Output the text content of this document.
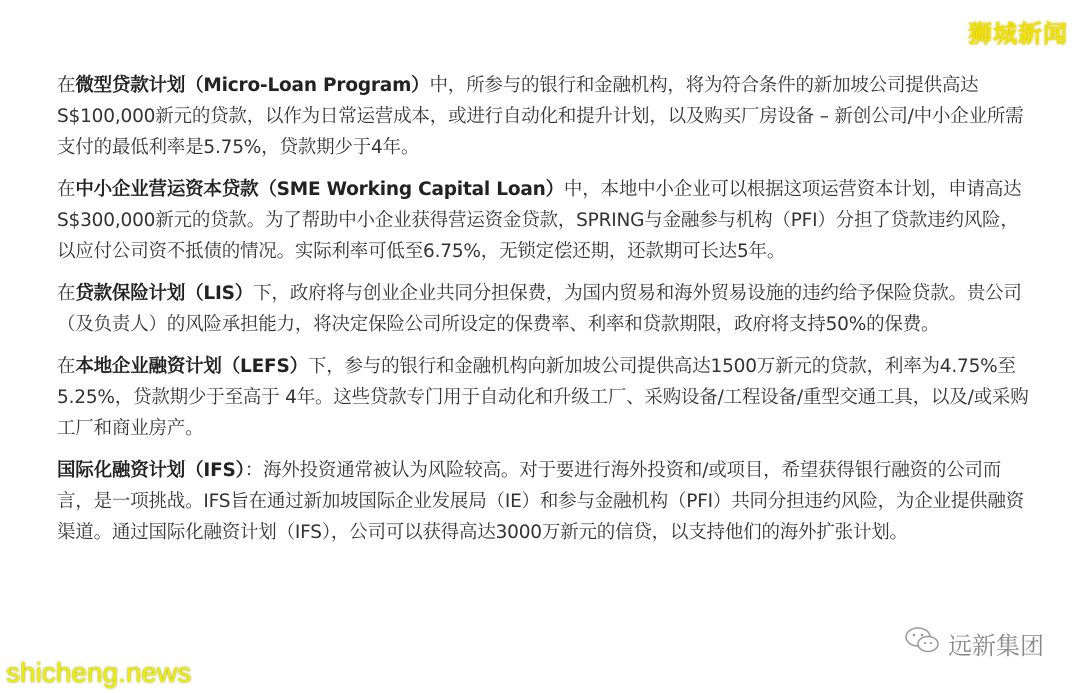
狮城新闻

在微型贷款计划（Micro-Loan Program）中，所参与的银行和金融机构，将为符合条件的新加坡公司提供高达S$100,000新元的贷款，以作为日常运营成本，或进行自动化和提升计划，以及购买厂房设备 – 新创公司/中小企业所需支付的最低利率是5.75%，贷款期少于4年。

在中小企业营运资本贷款（SME Working Capital Loan）中，本地中小企业可以根据这项运营资本计划，申请高达S$300,000新元的贷款。为了帮助中小企业获得营运资金贷款，SPRING与金融参与机构（PFI）分担了贷款违约风险，以应付公司资不抵债的情况。实际利率可低至6.75%，无锁定偿还期，还款期可长达5年。

在贷款保险计划（LIS）下，政府将与创业企业共同分担保费，为国内贸易和海外贸易设施的违约给予保险贷款。贵公司（及负责人）的风险承担能力，将决定保险公司所设定的保费率、利率和贷款期限，政府将支持50%的保费。

在本地企业融资计划（LEFS）下，参与的银行和金融机构向新加坡公司提供高达1500万新元的贷款，利率为4.75%至5.25%，贷款期少于至高于 4年。这些贷款专门用于自动化和升级工厂、采购设备/工程设备/重型交通工具，以及/或采购工厂和商业房产。

国际化融资计划（IFS）：海外投资通常被认为风险较高。对于要进行海外投资和/或项目，希望获得银行融资的公司而言，是一项挑战。IFS旨在通过新加坡国际企业发展局（IE）和参与金融机构（PFI）共同分担违约风险，为企业提供融资渠道。通过国际化融资计划（IFS），公司可以获得高达3000万新元的信贷，以支持他们的海外扩张计划。

远新集团
shicheng.news
